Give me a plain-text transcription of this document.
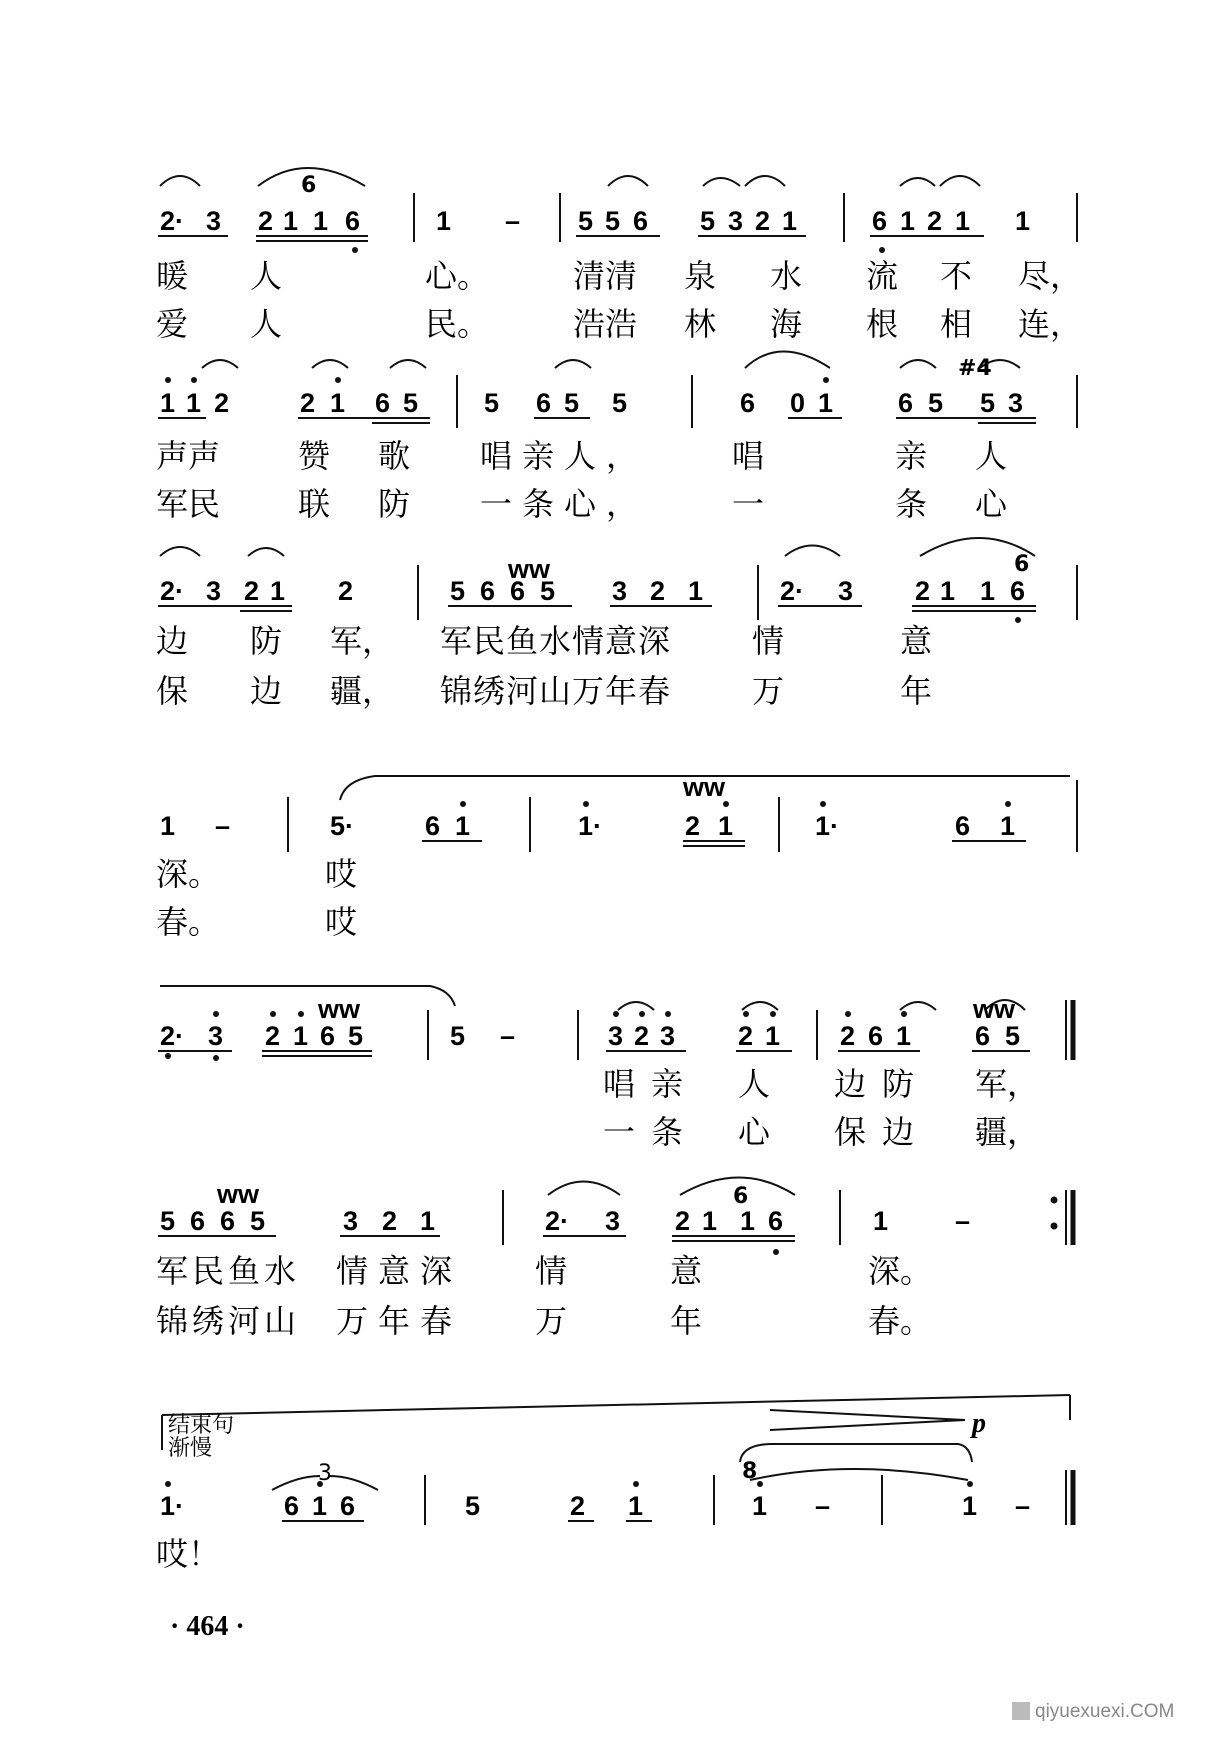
2· 3 2 1 1 6	1 – 5 5 6 5 3 2 1	6 1 2 1 1
暖 人	心。	清清 泉 水 流 不 尽，
爱 人	民。	浩浩 林 海 根 相 连，
1 1 2	2 1 6 5 5 6 5 5	6 0 1 6 5 5 3
声声 赞 歌 唱亲人，	唱	亲 人
军民 联 防 一条心，	一	条 心
2· 3 2 1 2	5 6 6 5 3 2 1	2· 3 2 1 1 6
ww
边 防 军， 军民鱼水情意深	情	意
保 边 疆， 锦绣河山万年春	万	年
1 –	5·	6 1	1·	2 1	1·	6 1
ww
深。	哎
春。	哎
2· 3 2 1 6 5	5 –	3 2 3 2 1 2 6 1 6 5
ww	ww
唱亲 人 边防 军，
一条 心 保边 疆，
5 6 6 5	3 2 1	2· 3 2 1 1 6	1 –
ww
军民鱼水 情意深 情	意	深。
锦绣河山 万年春 万	年	春。
结束句
渐慢
p
1·	6 1 6	5	2 1	1 –	1 –
3
6
#4
6
6
8
哎！
· 464 ·
qiyuexuexi.COM
